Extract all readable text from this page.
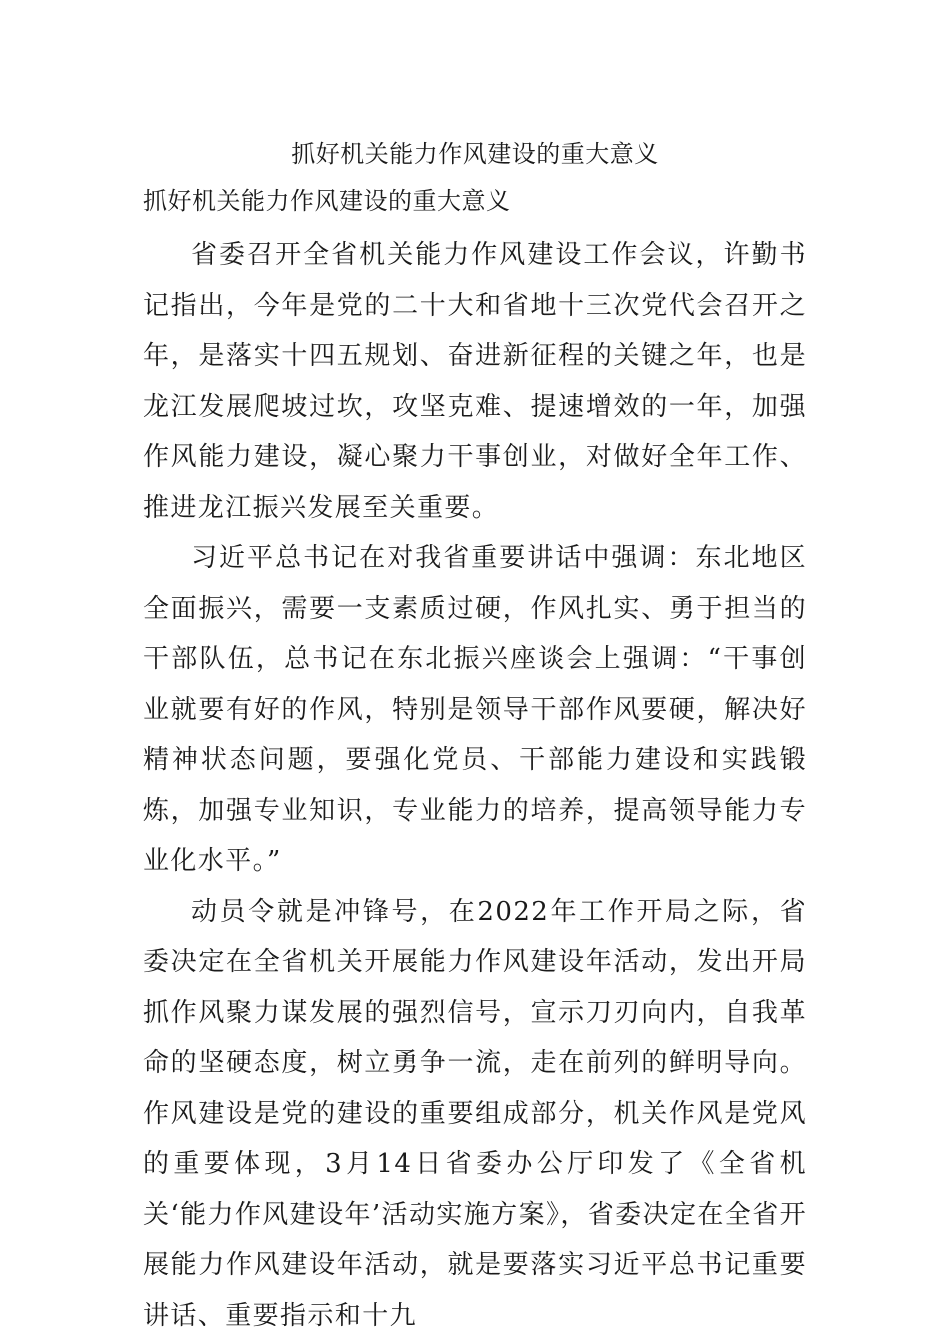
抓好机关能力作风建设的重大意义
抓好机关能力作风建设的重大意义

省委召开全省机关能力作风建设工作会议，许勤书记指出，今年是党的二十大和省地十三次党代会召开之年，是落实十四五规划、奋进新征程的关键之年，也是龙江发展爬坡过坎，攻坚克难、提速增效的一年，加强作风能力建设，凝心聚力干事创业，对做好全年工作、推进龙江振兴发展至关重要。

习近平总书记在对我省重要讲话中强调：东北地区全面振兴，需要一支素质过硬，作风扎实、勇于担当的干部队伍，总书记在东北振兴座谈会上强调：“干事创业就要有好的作风，特别是领导干部作风要硬，解决好精神状态问题，要强化党员、干部能力建设和实践锻炼，加强专业知识，专业能力的培养，提高领导能力专业化水平。”

动员令就是冲锋号，在2022年工作开局之际，省委决定在全省机关开展能力作风建设年活动，发出开局抓作风聚力谋发展的强烈信号，宣示刀刃向内，自我革命的坚硬态度，树立勇争一流，走在前列的鲜明导向。作风建设是党的建设的重要组成部分，机关作风是党风的重要体现，3月14日省委办公厅印发了《全省机关‘能力作风建设年’活动实施方案》，省委决定在全省开展能力作风建设年活动，就是要落实习近平总书记重要讲话、重要指示和十九
